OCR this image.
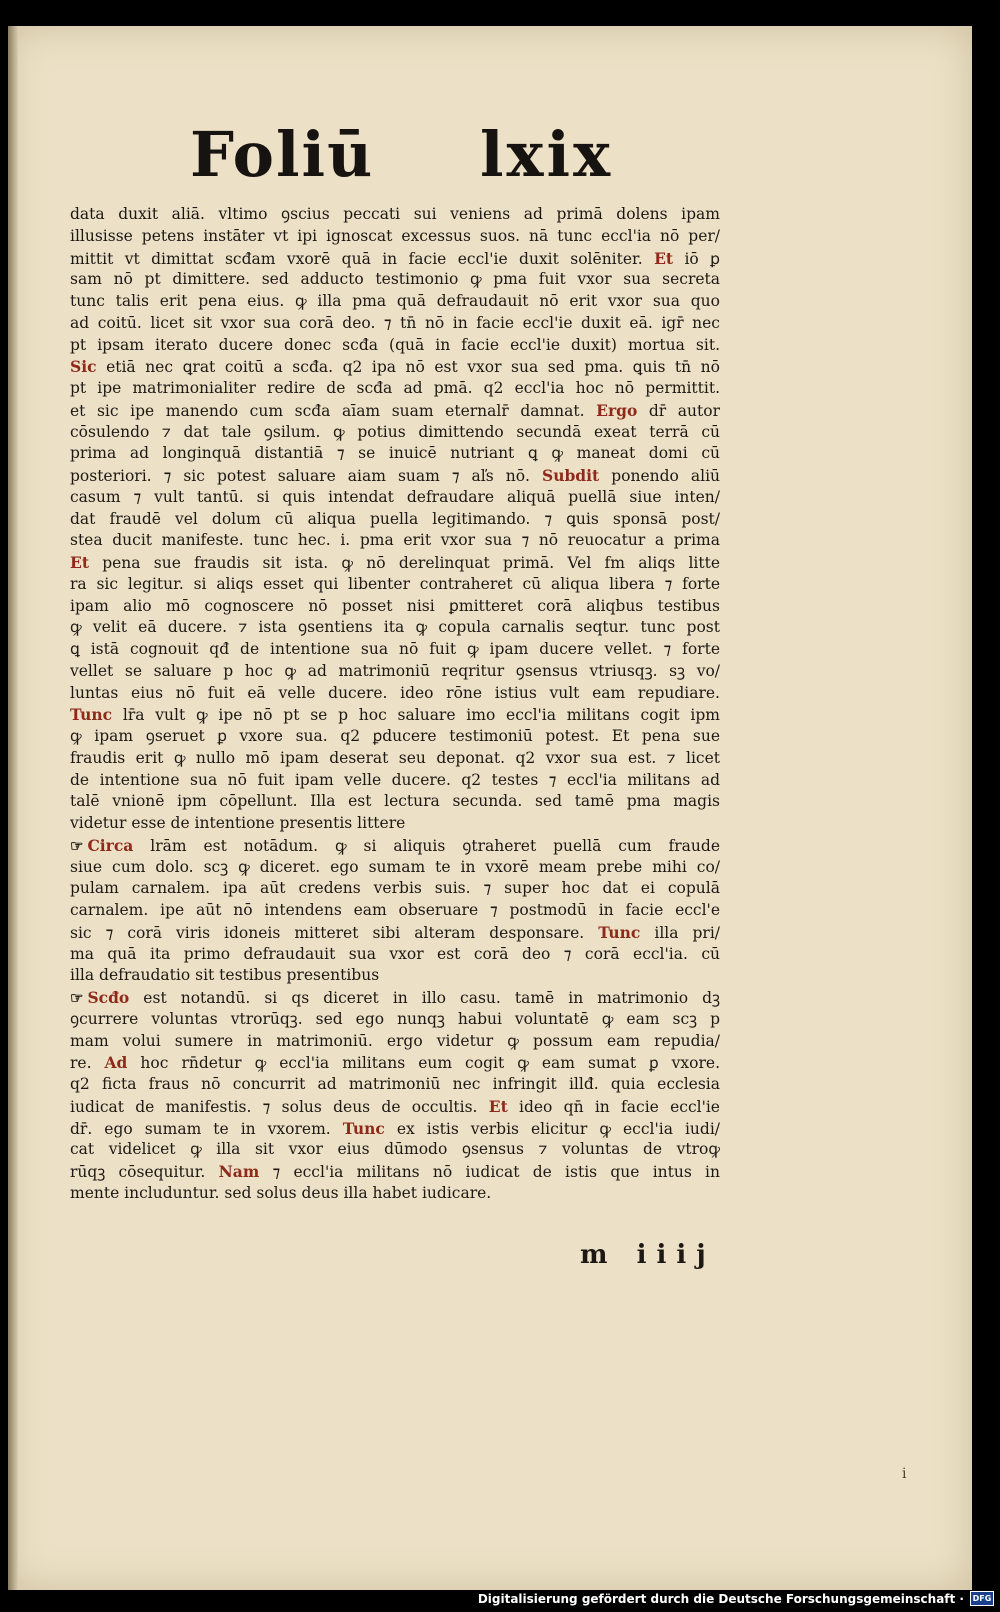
Foliū lxix
data duxit aliā. vltimo ꝯscius peccati sui veniens ad primā dolens ipam
illusisse petens instāter vt ipi ignoscat excessus suos. nā tunc eccl'ia nō per/
mittit vt dimittat scđam vxorē quā in facie eccl'ie duxit solēniter. Et iō ꝑ
sam nō pt dimittere. sed adducto testimonio ꝙ pma fuit vxor sua secreta
tunc talis erit pena eius. ꝙ illa pma quā defraudauit nō erit vxor sua quo
ad coitū. licet sit vxor sua corā deo. ⁊ tn̄ nō in facie eccl'ie duxit eā. igr̄ nec
pt ipsam iterato ducere donec scđa (quā in facie eccl'ie duxit) mortua sit.
Sic etiā nec ꝗrat coitū a scđa. q2 ipa nō est vxor sua sed pma. ꝗuis tn̄ nō
pt ipe matrimonialiter redire de scđa ad pmā. q2 eccl'ia hoc nō permittit.
et sic ipe manendo cum scđa aīam suam eternalr̄ damnat. Ergo dr̄ autor
cōsulendo ⁊ dat tale ꝯsilum. ꝙ potius dimittendo secundā exeat terrā cū
prima ad longinquā distantiā ⁊ se inuicē nutriant ꝗ ꝙ maneat domi cū
posteriori. ⁊ sic potest saluare aiam suam ⁊ aľs nō. Subdit ponendo aliū
casum ⁊ vult tantū. si quis intendat defraudare aliquā puellā siue inten/
dat fraudē vel dolum cū aliqua puella legitimando. ⁊ ꝗuis sponsā post/
stea ducit manifeste. tunc hec. i. pma erit vxor sua ⁊ nō reuocatur a prima
Et pena sue fraudis sit ista. ꝙ nō derelinquat primā. Vel fm aliqs litte
ra sic legitur. si aliqs esset qui libenter contraheret cū aliqua libera ⁊ forte
ipam alio mō cognoscere nō posset nisi ꝑmitteret corā aliqbus testibus
ꝙ velit eā ducere. ⁊ ista ꝯsentiens ita ꝙ copula carnalis seqtur. tunc post
ꝗ istā cognouit qđ de intentione sua nō fuit ꝙ ipam ducere vellet. ⁊ forte
vellet se saluare p hoc ꝙ ad matrimoniū reqritur ꝯsensus vtriusqꝫ. sꝫ vo/
luntas eius nō fuit eā velle ducere. ideo rōne istius vult eam repudiare.
Tunc lr̄a vult ꝙ ipe nō pt se p hoc saluare imo eccl'ia militans cogit ipm
ꝙ ipam ꝯseruet ꝑ vxore sua. q2 ꝑducere testimoniū potest. Et pena sue
fraudis erit ꝙ nullo mō ipam deserat seu deponat. q2 vxor sua est. ⁊ licet
de intentione sua nō fuit ipam velle ducere. q2 testes ⁊ eccl'ia militans ad
talē vnionē ipm cōpellunt. Illa est lectura secunda. sed tamē pma magis
videtur esse de intentione presentis littere
☞ Circa lrām est notādum. ꝙ si aliquis ꝯtraheret puellā cum fraude
siue cum dolo. scꝫ ꝙ diceret. ego sumam te in vxorē meam prebe mihi co/
pulam carnalem. ipa aūt credens verbis suis. ⁊ super hoc dat ei copulā
carnalem. ipe aūt nō intendens eam obseruare ⁊ postmodū in facie eccl'e
sic ⁊ corā viris idoneis mitteret sibi alteram desponsare. Tunc illa pri/
ma quā ita primo defraudauit sua vxor est corā deo ⁊ corā eccl'ia. cū
illa defraudatio sit testibus presentibus
☞ Scđo est notandū. si qs diceret in illo casu. tamē in matrimonio dꝫ
ꝯcurrere voluntas vtrorūqꝫ. sed ego nunqꝫ habui voluntatē ꝙ eam scꝫ p
mam volui sumere in matrimoniū. ergo videtur ꝙ possum eam repudia/
re. Ad hoc rn̄detur ꝙ eccl'ia militans eum cogit ꝙ eam sumat ꝑ vxore.
q2 ficta fraus nō concurrit ad matrimoniū nec infringit illđ. quia ecclesia
iudicat de manifestis. ⁊ solus deus de occultis. Et ideo qn̄ in facie eccl'ie
dr̄. ego sumam te in vxorem. Tunc ex istis verbis elicitur ꝙ eccl'ia iudi/
cat videlicet ꝙ illa sit vxor eius dūmodo ꝯsensus ⁊ voluntas de vtroꝙ
rūqꝫ cōsequitur. Nam ⁊ eccl'ia militans nō iudicat de istis que intus in
mente includuntur. sed solus deus illa habet iudicare.
m iiij
i
Digitalisierung gefördert durch die Deutsche Forschungsgemeinschaft ·	DFG
